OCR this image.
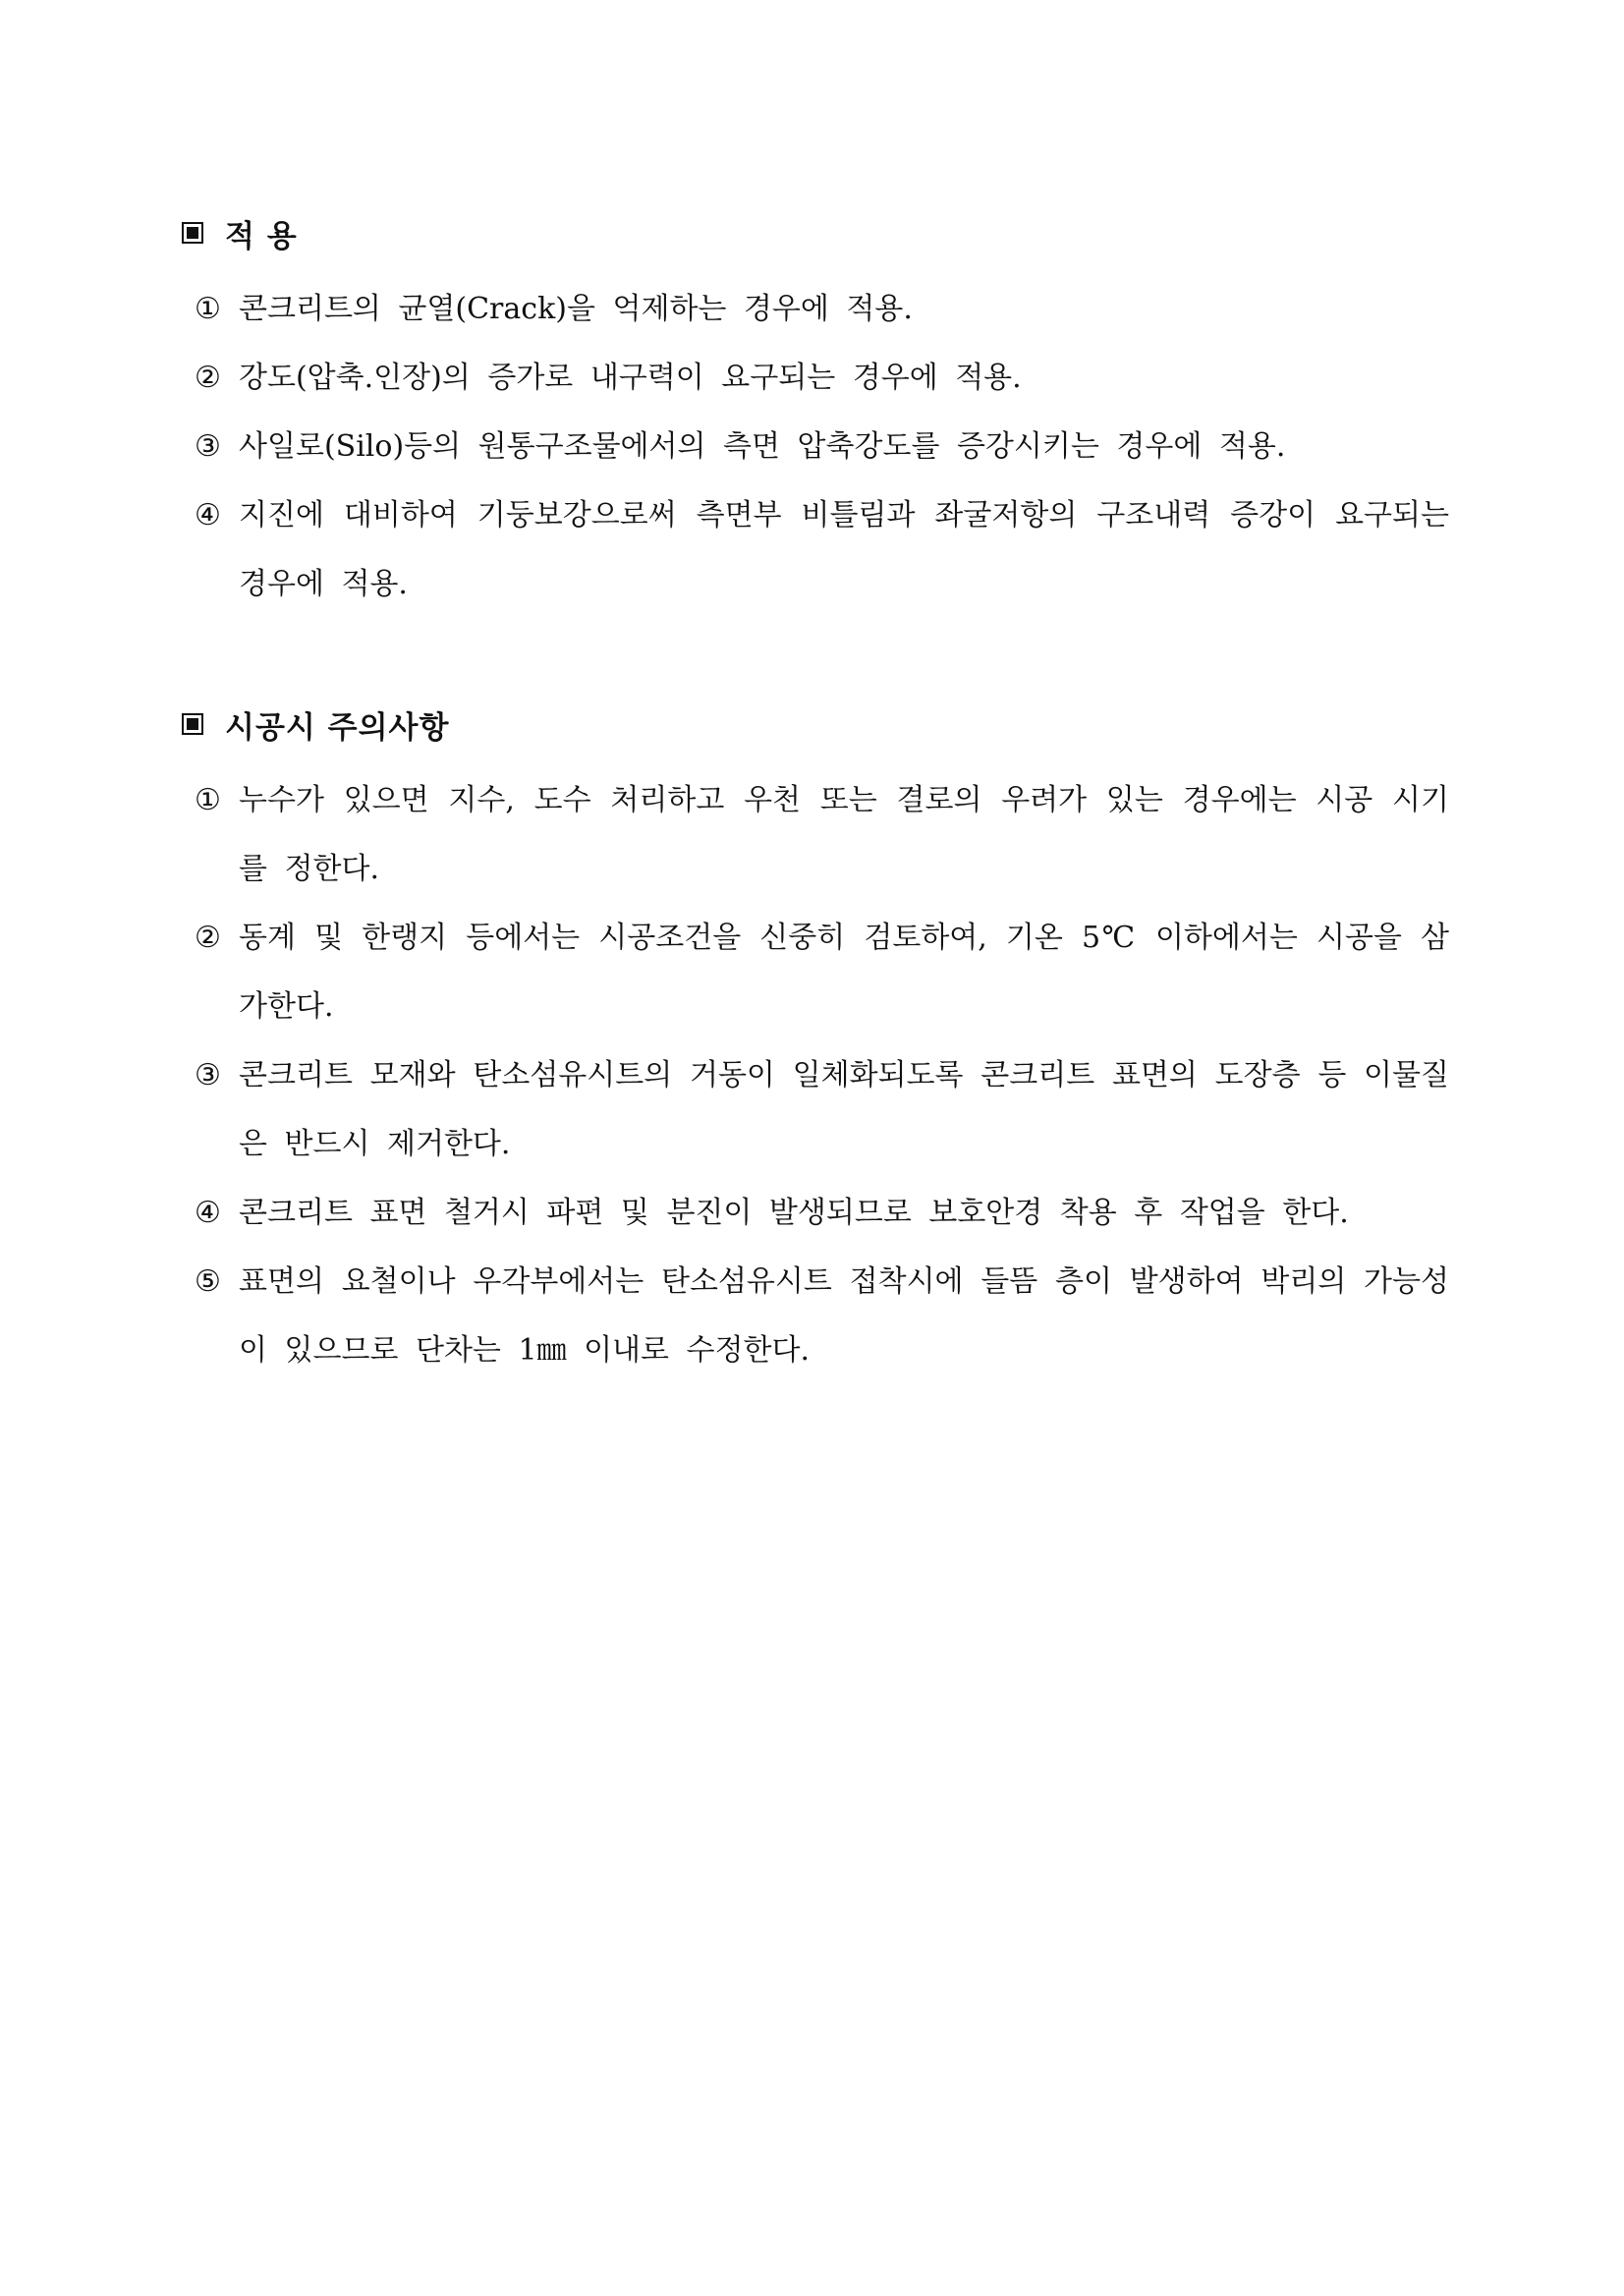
적 용
① 콘크리트의 균열(Crack)을 억제하는 경우에 적용.
② 강도(압축.인장)의 증가로 내구력이 요구되는 경우에 적용.
③ 사일로(Silo)등의 원통구조물에서의 측면 압축강도를 증강시키는 경우에 적용.
④ 지진에 대비하여 기둥보강으로써 측면부 비틀림과 좌굴저항의 구조내력 증강이 요구되는 경우에 적용.
시공시 주의사항
① 누수가 있으면 지수, 도수 처리하고 우천 또는 결로의 우려가 있는 경우에는 시공 시기를 정한다.
② 동계 및 한랭지 등에서는 시공조건을 신중히 검토하여, 기온 5℃ 이하에서는 시공을 삼가한다.
③ 콘크리트 모재와 탄소섬유시트의 거동이 일체화되도록 콘크리트 표면의 도장층 등 이물질은 반드시 제거한다.
④ 콘크리트 표면 철거시 파편 및 분진이 발생되므로 보호안경 착용 후 작업을 한다.
⑤ 표면의 요철이나 우각부에서는 탄소섬유시트 접착시에 들뜸 층이 발생하여 박리의 가능성이 있으므로 단차는 1㎜ 이내로 수정한다.
